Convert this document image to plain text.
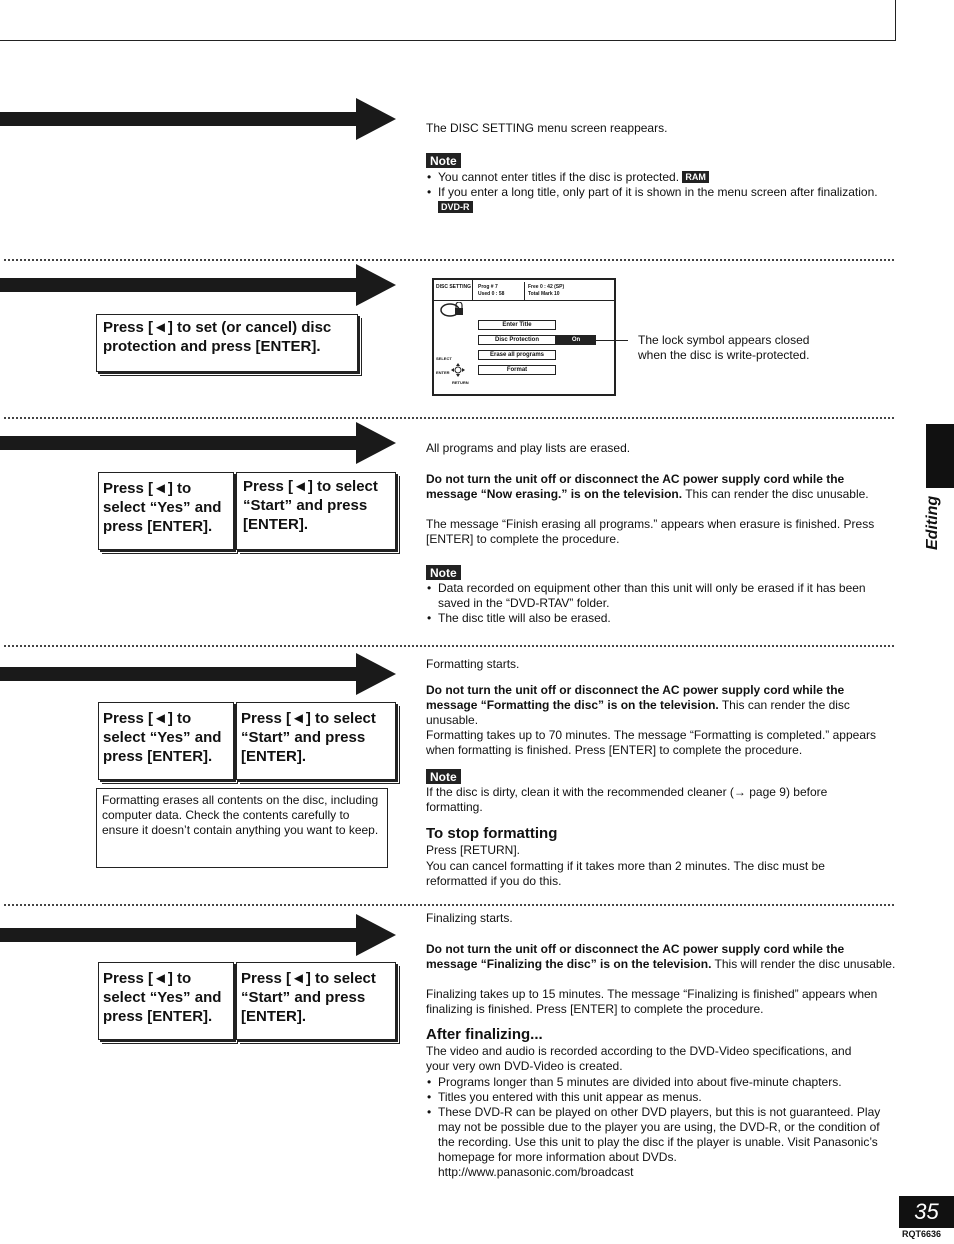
Editing
The DISC SETTING menu screen reappears.
Note
• You cannot enter titles if the disc is protected. RAM
• If you enter a long title, only part of it is shown in the menu screen after finalization. DVD-R
Press [◄] to set (or cancel) disc protection and press [ENTER].
DISC SETTING Prog # 7
Used 0 : 58
Free 0 : 42 (SP)
Total Mark 10
Enter Title
Disc Protection	On
Erase all programs
Format
SELECT
ENTER
RETURN
The lock symbol appears closed when the disc is write-protected.
Press [◄] to select “Yes” and press [ENTER].
Press [◄] to select “Start” and press [ENTER].
All programs and play lists are erased.
Do not turn the unit off or disconnect the AC power supply cord while the message “Now erasing.” is on the television. This can render the disc unusable.
The message “Finish erasing all programs.” appears when erasure is finished. Press [ENTER] to complete the procedure.
Note
• Data recorded on equipment other than this unit will only be erased if it has been saved in the “DVD-RTAV” folder.
• The disc title will also be erased.
Press [◄] to select “Yes” and press [ENTER].
Press [◄] to select “Start” and press [ENTER].
Formatting erases all contents on the disc, including computer data. Check the contents carefully to ensure it doesn’t contain anything you want to keep.
Formatting starts.
Do not turn the unit off or disconnect the AC power supply cord while the message “Formatting the disc” is on the television. This can render the disc unusable.
Formatting takes up to 70 minutes. The message “Formatting is completed.” appears when formatting is finished. Press [ENTER] to complete the procedure.
Note
If the disc is dirty, clean it with the recommended cleaner (→ page 9) before formatting.
To stop formatting
Press [RETURN].
You can cancel formatting if it takes more than 2 minutes. The disc must be reformatted if you do this.
Press [◄] to select “Yes” and press [ENTER].
Press [◄] to select “Start” and press [ENTER].
Finalizing starts.
Do not turn the unit off or disconnect the AC power supply cord while the message “Finalizing the disc” is on the television. This will render the disc unusable.
Finalizing takes up to 15 minutes. The message “Finalizing is finished” appears when finalizing is finished. Press [ENTER] to complete the procedure.
After finalizing...
The video and audio is recorded according to the DVD-Video specifications, and your very own DVD-Video is created.
• Programs longer than 5 minutes are divided into about five-minute chapters.
• Titles you entered with this unit appear as menus.
• These DVD-R can be played on other DVD players, but this is not guaranteed. Play may not be possible due to the player you are using, the DVD-R, or the condition of the recording. Use this unit to play the disc if the player is unable. Visit Panasonic’s homepage for more information about DVDs.
http://www.panasonic.com/broadcast
35
RQT6636
